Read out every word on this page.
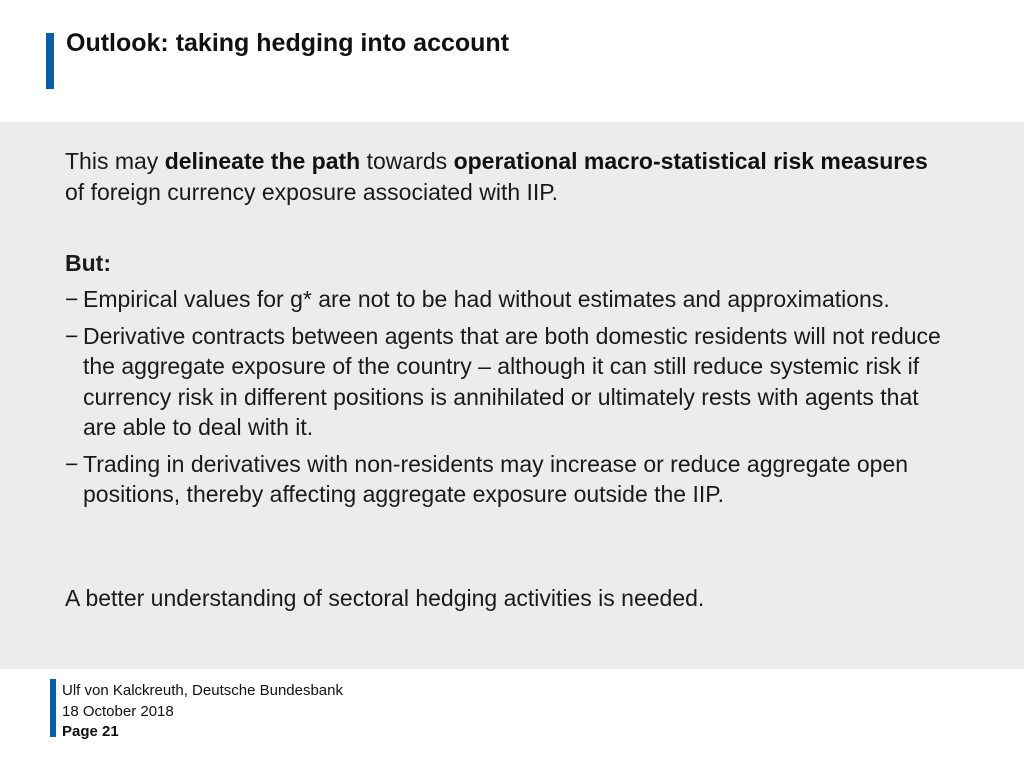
Outlook: taking hedging into account

This may delineate the path towards operational macro-statistical risk measures of foreign currency exposure associated with IIP.

But:

− Empirical values for g* are not to be had without estimates and approximations.
− Derivative contracts between agents that are both domestic residents will not reduce the aggregate exposure of the country – although it can still reduce systemic risk if currency risk in different positions is annihilated or ultimately rests with agents that are able to deal with it.
− Trading in derivatives with non-residents may increase or reduce aggregate open positions, thereby affecting aggregate exposure outside the IIP.

A better understanding of sectoral hedging activities is needed.

Ulf von Kalckreuth, Deutsche Bundesbank

18 October 2018

Page 21
